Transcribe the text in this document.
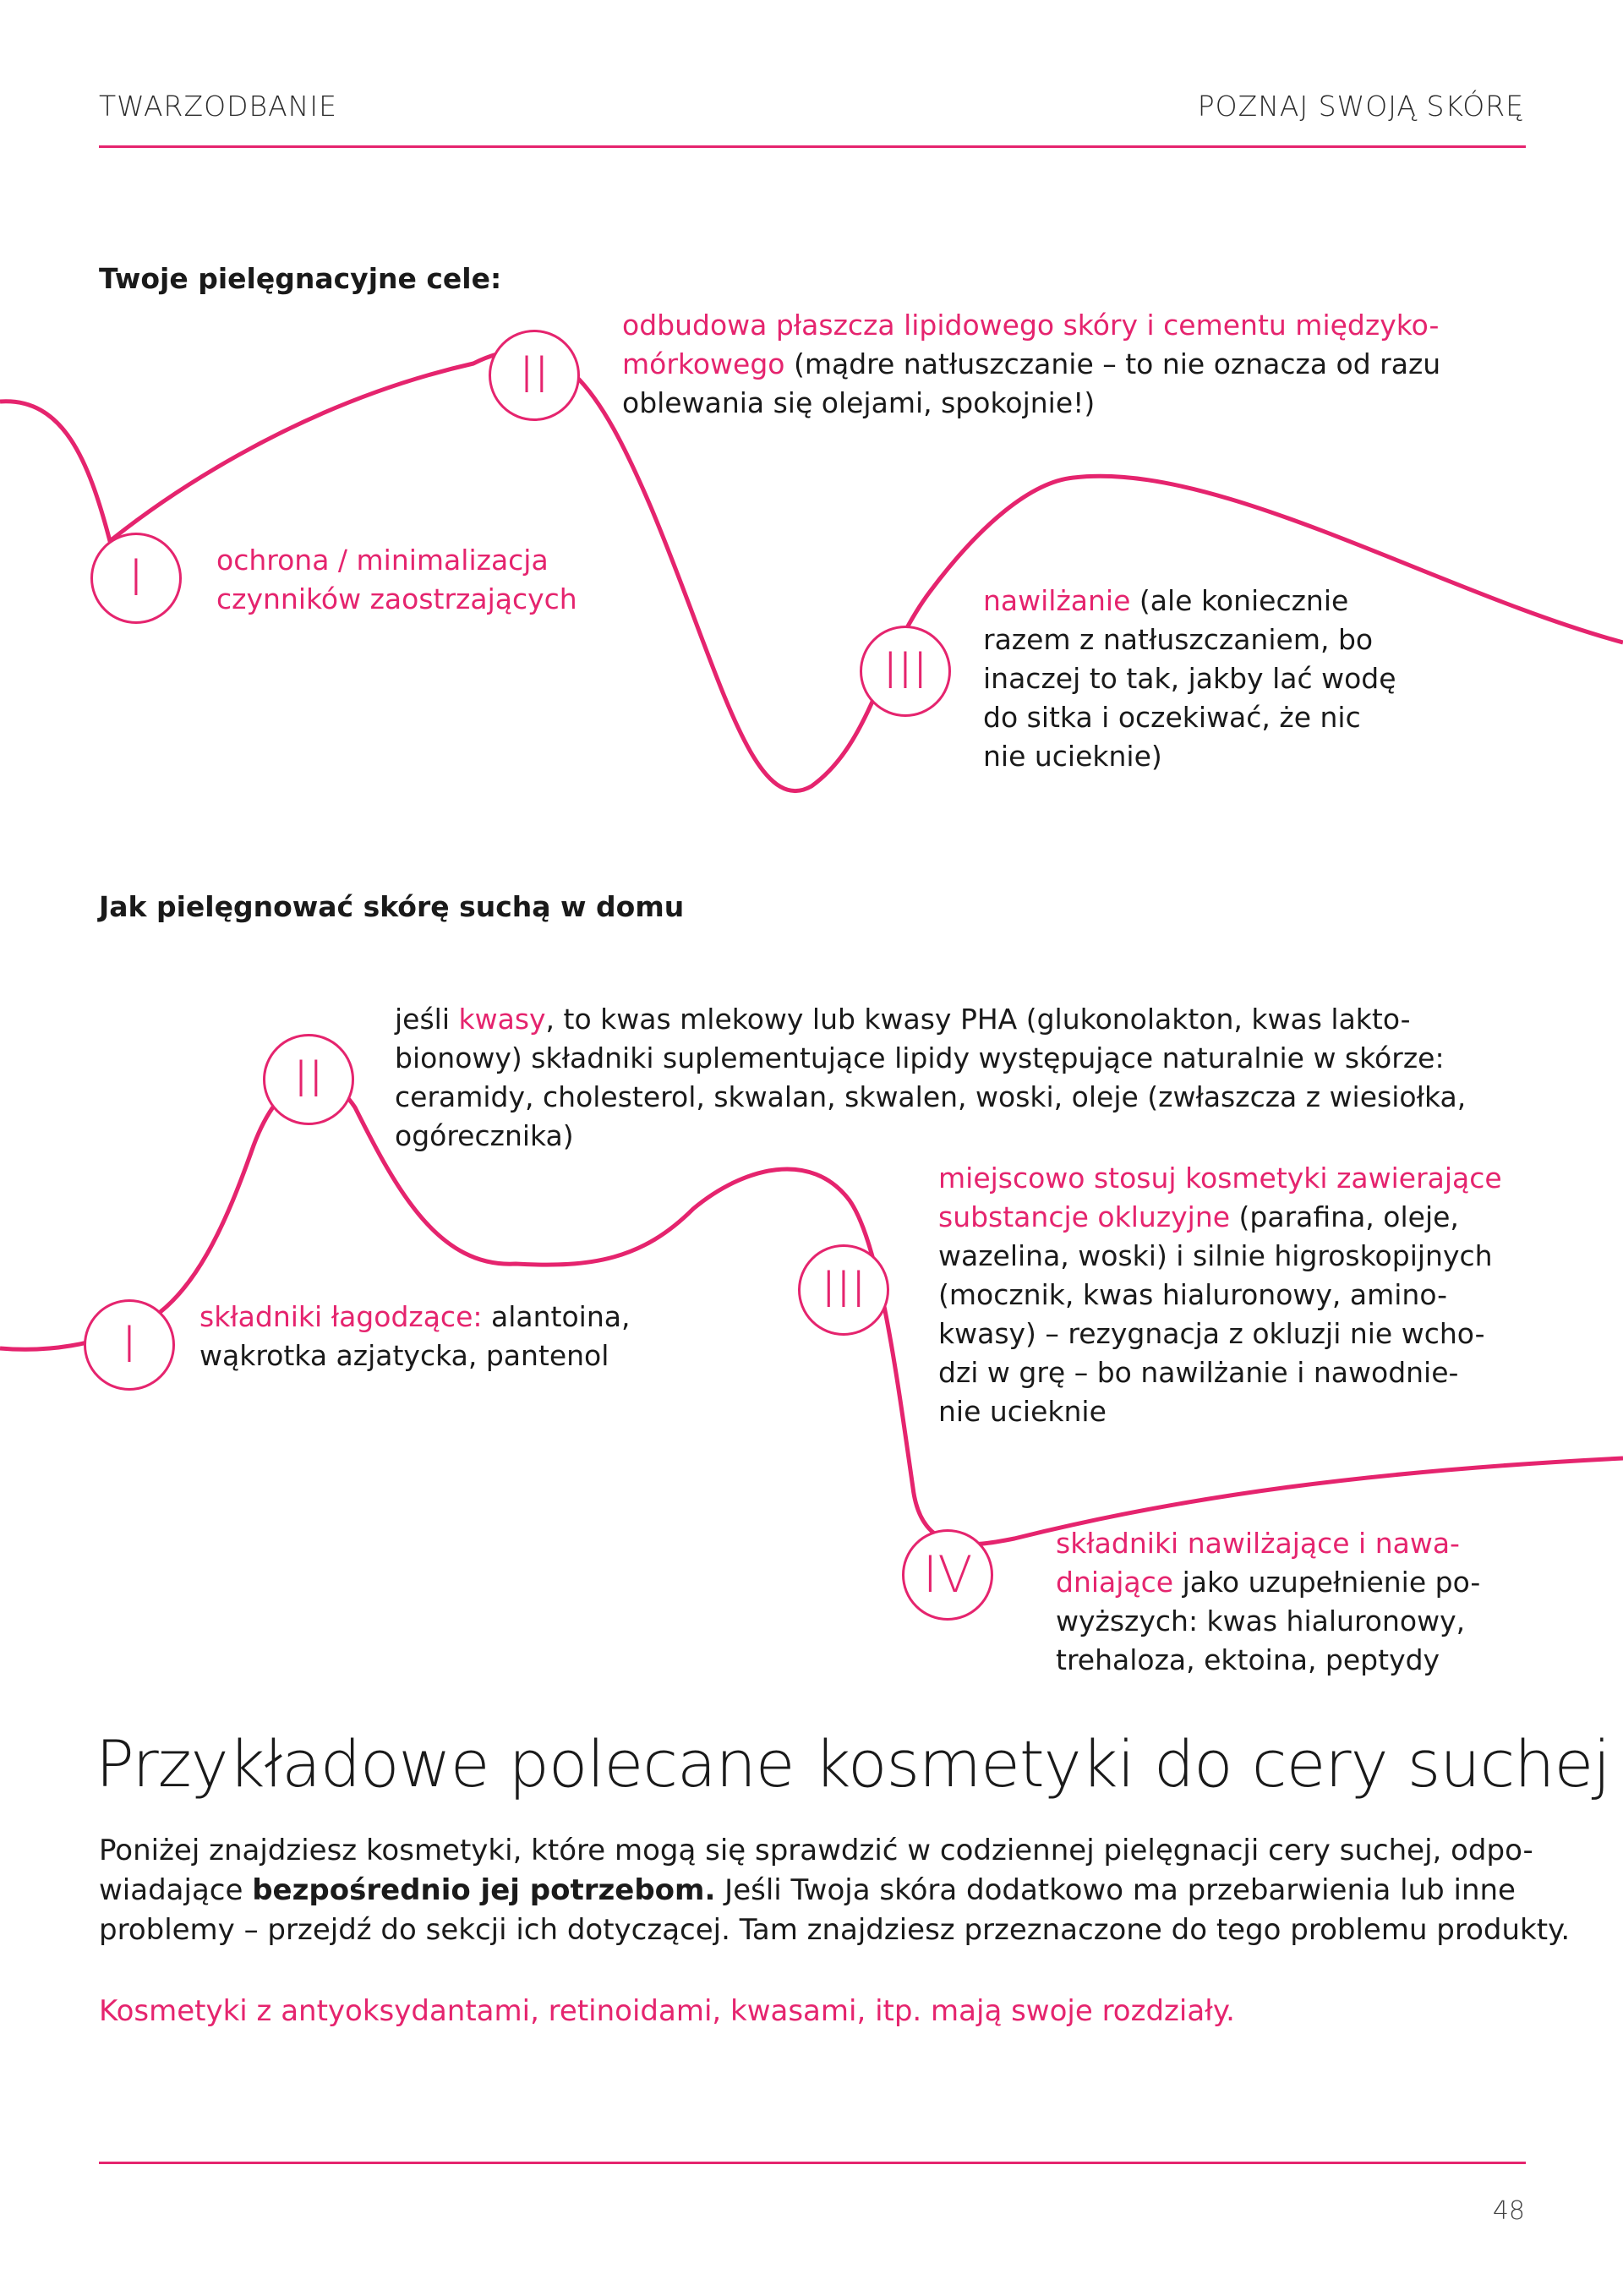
TWARZODBANIE	POZNAJ SWOJĄ SKÓRĘ
Twoje pielęgnacyjne cele:
I	ochrona / minimalizacja
czynników zaostrzających
II
odbudowa płaszcza lipidowego skóry i cementu międzyko-
mórkowego (mądre natłuszczanie – to nie oznacza od razu
oblewania się olejami, spokojnie!)
III
nawilżanie (ale koniecznie
razem z natłuszczaniem, bo
inaczej to tak, jakby lać wodę
do sitka i oczekiwać, że nic
nie ucieknie)
Jak pielęgnować skórę suchą w domu
I	składniki łagodzące: alantoina,
wąkrotka azjatycka, pantenol
II
jeśli kwasy, to kwas mlekowy lub kwasy PHA (glukonolakton, kwas lakto-
bionowy) składniki suplementujące lipidy występujące naturalnie w skórze:
ceramidy, cholesterol, skwalan, skwalen, woski, oleje (zwłaszcza z wiesiołka,
ogórecznika)
III
miejscowo stosuj kosmetyki zawierające
substancje okluzyjne (parafina, oleje,
wazelina, woski) i silnie higroskopijnych
(mocznik, kwas hialuronowy, amino-
kwasy) – rezygnacja z okluzji nie wcho-
dzi w grę – bo nawilżanie i nawodnie-
nie ucieknie
IV
składniki nawilżające i nawa-
dniające jako uzupełnienie po-
wyższych: kwas hialuronowy,
trehaloza, ektoina, peptydy
Przykładowe polecane kosmetyki do cery suchej
Poniżej znajdziesz kosmetyki, które mogą się sprawdzić w codziennej pielęgnacji cery suchej, odpo-
wiadające bezpośrednio jej potrzebom. Jeśli Twoja skóra dodatkowo ma przebarwienia lub inne
problemy – przejdź do sekcji ich dotyczącej. Tam znajdziesz przeznaczone do tego problemu produkty.
Kosmetyki z antyoksydantami, retinoidami, kwasami, itp. mają swoje rozdziały.
48
